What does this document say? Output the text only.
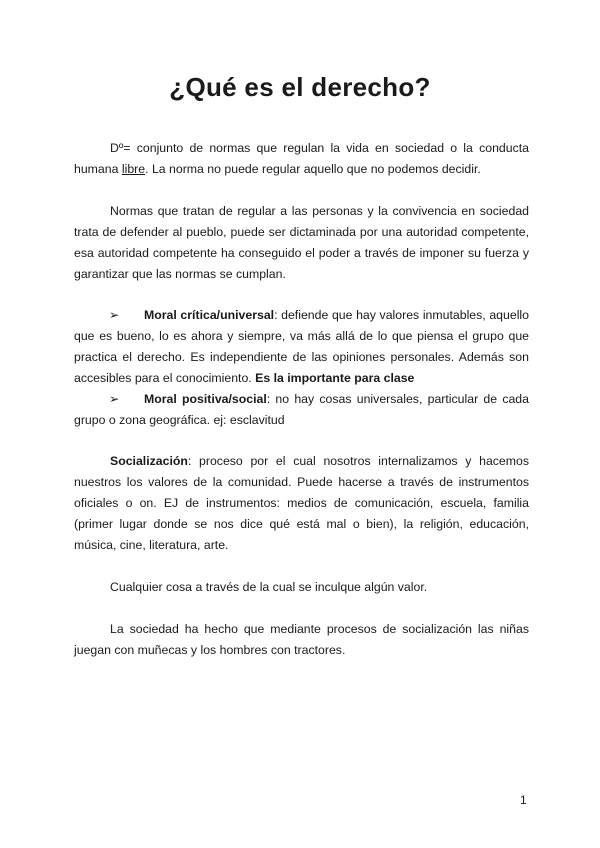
¿Qué es el derecho?

Dº= conjunto de normas que regulan la vida en sociedad o la conducta humana libre. La norma no puede regular aquello que no podemos decidir.

Normas que tratan de regular a las personas y la convivencia en sociedad trata de defender al pueblo, puede ser dictaminada por una autoridad competente, esa autoridad competente ha conseguido el poder a través de imponer su fuerza y garantizar que las normas se cumplan.

➢ Moral crítica/universal: defiende que hay valores inmutables, aquello que es bueno, lo es ahora y siempre, va más allá de lo que piensa el grupo que practica el derecho. Es independiente de las opiniones personales. Además son accesibles para el conocimiento. Es la importante para clase

➢ Moral positiva/social: no hay cosas universales, particular de cada grupo o zona geográfica. ej: esclavitud

Socialización: proceso por el cual nosotros internalizamos y hacemos nuestros los valores de la comunidad. Puede hacerse a través de instrumentos oficiales o on. EJ de instrumentos: medios de comunicación, escuela, familia (primer lugar donde se nos dice qué está mal o bien), la religión, educación, música, cine, literatura, arte.

Cualquier cosa a través de la cual se inculque algún valor.

La sociedad ha hecho que mediante procesos de socialización las niñas juegan con muñecas y los hombres con tractores.

1
